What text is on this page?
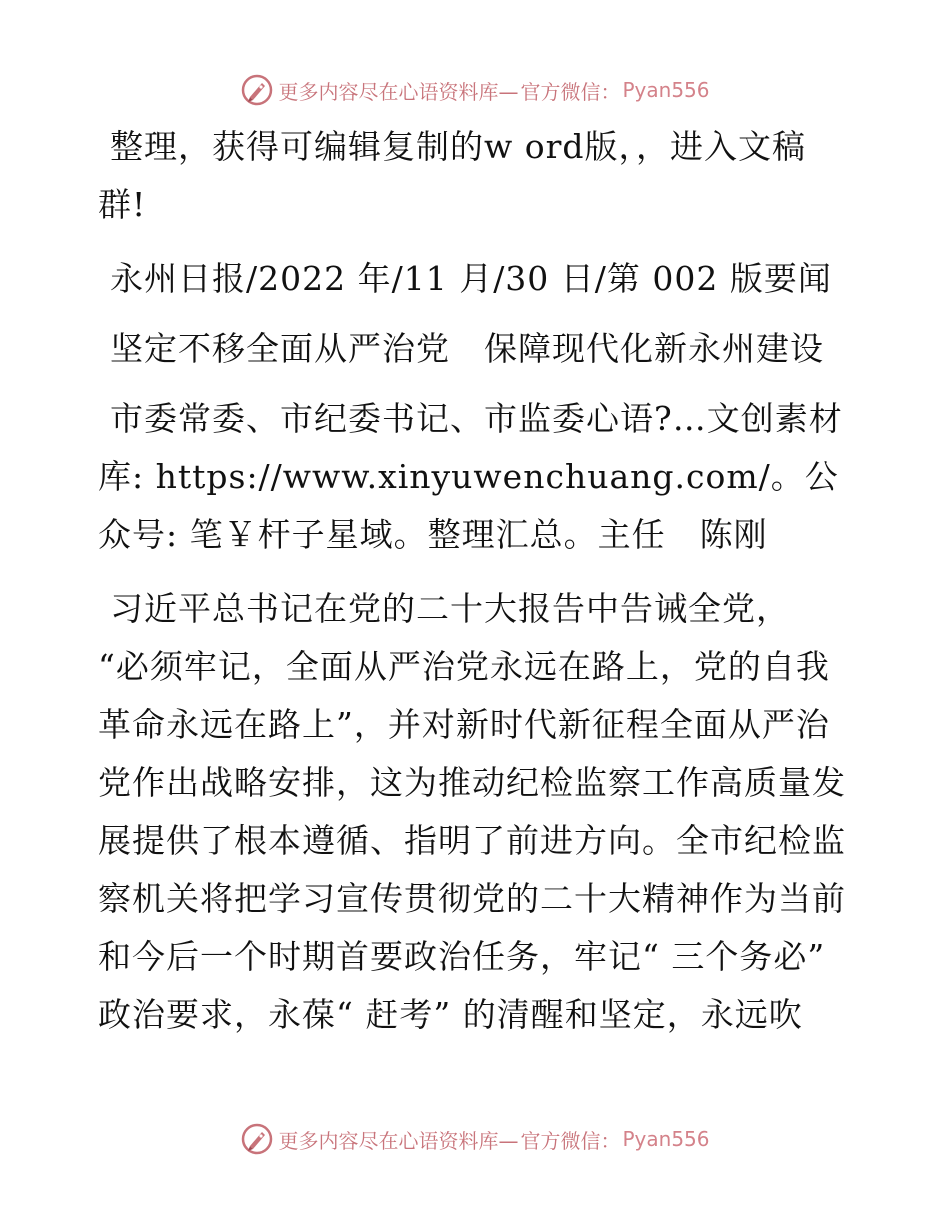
更多内容尽在心语资料库— 官方微信： Pyan556

整理，获得可编辑复制的w ord版，，进入文稿群!

永州日报/2022 年/11 月/30 日/第 002 版要闻

坚定不移全面从严治党　保障现代化新永州建设

市委常委、市纪委书记、市监委心语?…文创素材库: https://www.xinyuwenchuang.com/。公众号: 笔￥杆子星域。整理汇总。主任　陈刚

习近平总书记在党的二十大报告中告诫全党，　“必须牢记，全面从严治党永远在路上，党的自我革命永远在路上”，并对新时代新征程全面从严治党作出战略安排，这为推动纪检监察工作高质量发展提供了根本遵循、指明了前进方向。全市纪检监察机关将把学习宣传贯彻党的二十大精神作为当前和今后一个时期首要政治任务，牢记“ 三个务必” 政治要求，永葆“ 赶考” 的清醒和坚定，永远吹

更多内容尽在心语资料库— 官方微信： Pyan556
